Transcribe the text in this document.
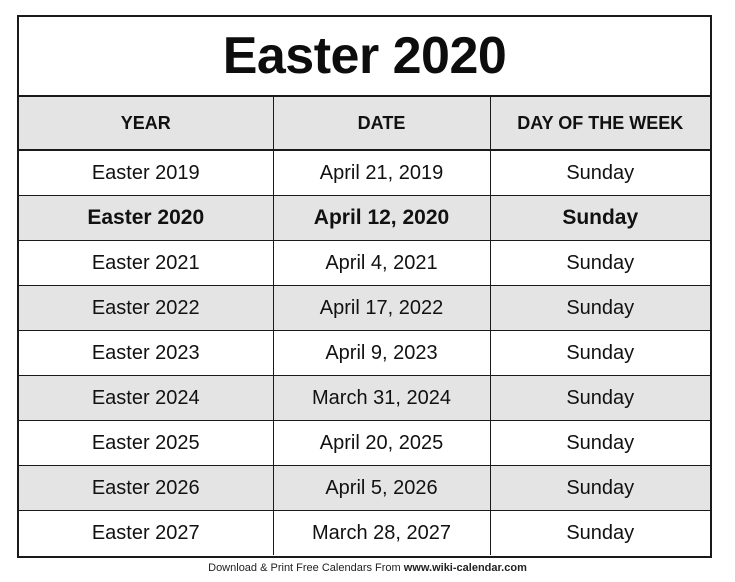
Easter 2020
YEAR	DATE	DAY OF THE WEEK
Easter 2019	April 21, 2019	Sunday
Easter 2020	April 12, 2020	Sunday
Easter 2021	April 4, 2021	Sunday
Easter 2022	April 17, 2022	Sunday
Easter 2023	April 9, 2023	Sunday
Easter 2024	March 31, 2024	Sunday
Easter 2025	April 20, 2025	Sunday
Easter 2026	April 5, 2026	Sunday
Easter 2027	March 28, 2027	Sunday
Download & Print Free Calendars From www.wiki-calendar.com
